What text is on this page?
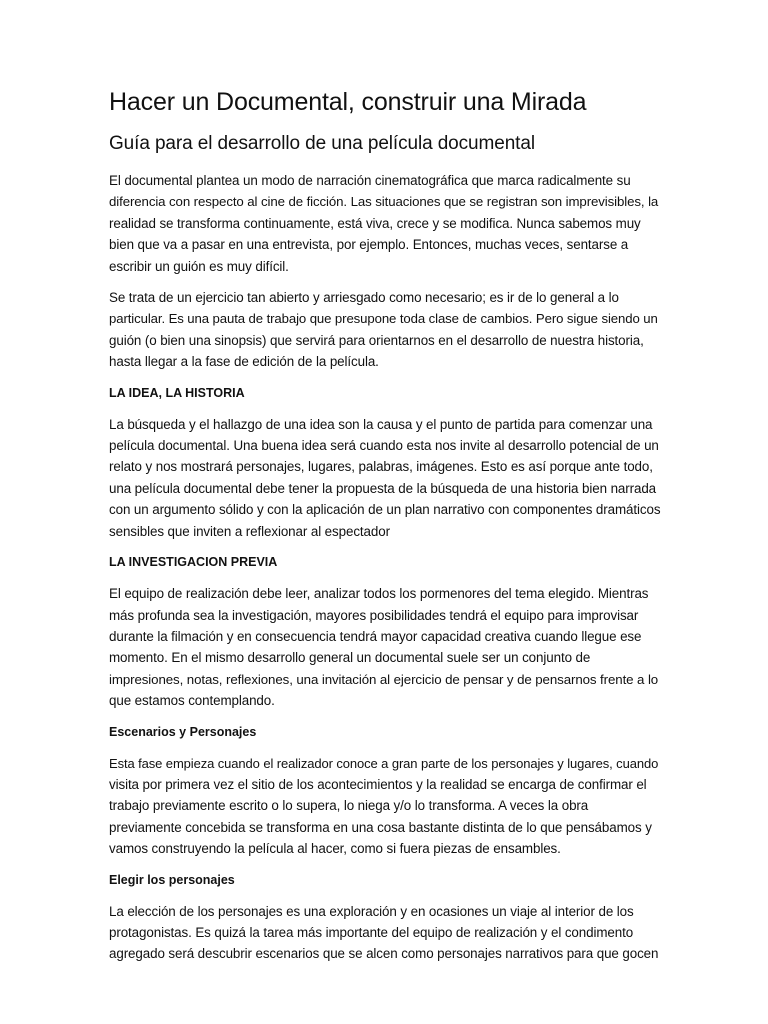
Hacer un Documental, construir una Mirada
Guía para el desarrollo de una película documental

El documental plantea un modo de narración cinematográfica que marca radicalmente su
diferencia con respecto al cine de ficción. Las situaciones que se registran son imprevisibles, la
realidad se transforma continuamente, está viva, crece y se modifica. Nunca sabemos muy
bien que va a pasar en una entrevista, por ejemplo. Entonces, muchas veces, sentarse a
escribir un guión es muy difícil.

Se trata de un ejercicio tan abierto y arriesgado como necesario; es ir de lo general a lo
particular. Es una pauta de trabajo que presupone toda clase de cambios. Pero sigue siendo un
guión (o bien una sinopsis) que servirá para orientarnos en el desarrollo de nuestra historia,
hasta llegar a la fase de edición de la película.

LA IDEA, LA HISTORIA

La búsqueda y el hallazgo de una idea son la causa y el punto de partida para comenzar una
película documental. Una buena idea será cuando esta nos invite al desarrollo potencial de un
relato y nos mostrará personajes, lugares, palabras, imágenes. Esto es así porque ante todo,
una película documental debe tener la propuesta de la búsqueda de una historia bien narrada
con un argumento sólido y con la aplicación de un plan narrativo con componentes dramáticos
sensibles que inviten a reflexionar al espectador

LA INVESTIGACION PREVIA

El equipo de realización debe leer, analizar todos los pormenores del tema elegido. Mientras
más profunda sea la investigación, mayores posibilidades tendrá el equipo para improvisar
durante la filmación y en consecuencia tendrá mayor capacidad creativa cuando llegue ese
momento. En el mismo desarrollo general un documental suele ser un conjunto de
impresiones, notas, reflexiones, una invitación al ejercicio de pensar y de pensarnos frente a lo
que estamos contemplando.

Escenarios y Personajes

Esta fase empieza cuando el realizador conoce a gran parte de los personajes y lugares, cuando
visita por primera vez el sitio de los acontecimientos y la realidad se encarga de confirmar el
trabajo previamente escrito o lo supera, lo niega y/o lo transforma. A veces la obra
previamente concebida se transforma en una cosa bastante distinta de lo que pensábamos y
vamos construyendo la película al hacer, como si fuera piezas de ensambles.

Elegir los personajes

La elección de los personajes es una exploración y en ocasiones un viaje al interior de los
protagonistas. Es quizá la tarea más importante del equipo de realización y el condimento
agregado será descubrir escenarios que se alcen como personajes narrativos para que gocen
